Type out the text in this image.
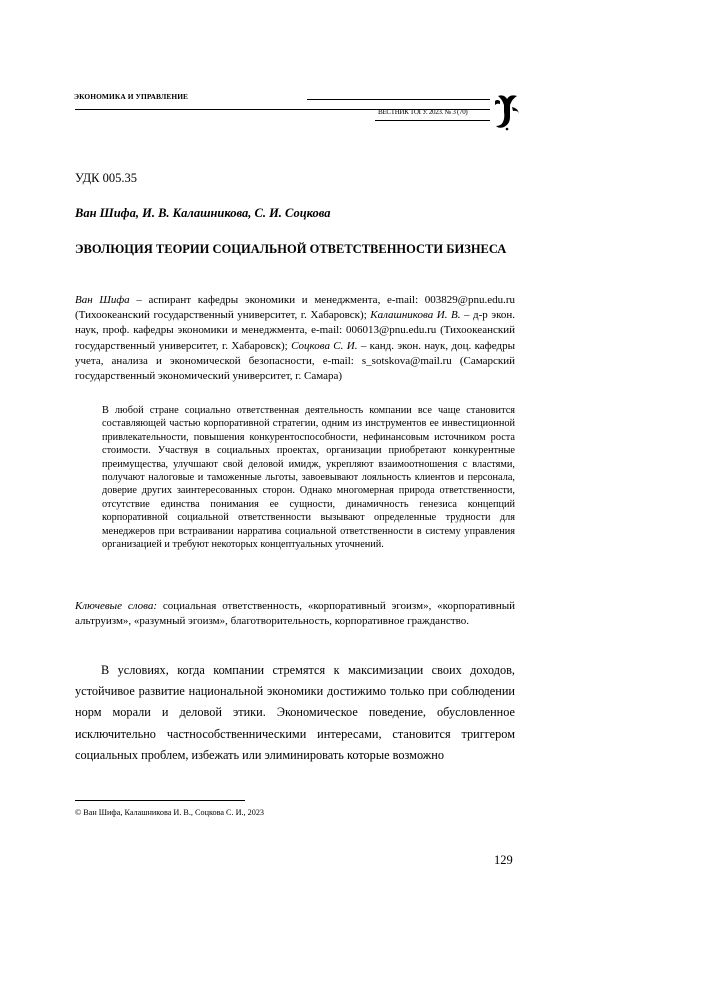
ЭКОНОМИКА И УПРАВЛЕНИЕ
ВЕСТНИК ТОГУ. 2023. № 3 (70)
УДК 005.35
Ван Шифа, И. В. Калашникова, С. И. Соцкова
ЭВОЛЮЦИЯ ТЕОРИИ СОЦИАЛЬНОЙ ОТВЕТСТВЕННОСТИ БИЗНЕСА
Ван Шифа – аспирант кафедры экономики и менеджмента, e-mail: 003829@pnu.edu.ru (Тихоокеанский государственный университет, г. Хабаровск); Калашникова И. В. – д-р экон. наук, проф. кафедры экономики и менеджмента, e-mail: 006013@pnu.edu.ru (Тихоокеанский государственный университет, г. Хабаровск); Соцкова С. И. – канд. экон. наук, доц. кафедры учета, анализа и экономической безопасности, e-mail: s_sotskova@mail.ru (Самарский государственный экономический университет, г. Самара)
В любой стране социально ответственная деятельность компании все чаще становится составляющей частью корпоративной стратегии, одним из инструментов ее инвестиционной привлекательности, повышения конкурентоспособности, нефинансовым источником роста стоимости. Участвуя в социальных проектах, организации приобретают конкурентные преимущества, улучшают свой деловой имидж, укрепляют взаимоотношения с властями, получают налоговые и таможенные льготы, завоевывают лояльность клиентов и персонала, доверие других заинтересованных сторон. Однако многомерная природа ответственности, отсутствие единства понимания ее сущности, динамичность генезиса концепций корпоративной социальной ответственности вызывают определенные трудности для менеджеров при встраивании нарратива социальной ответственности в систему управления организацией и требуют некоторых концептуальных уточнений.
Ключевые слова: социальная ответственность, «корпоративный эгоизм», «корпоративный альтруизм», «разумный эгоизм», благотворительность, корпоративное гражданство.

В условиях, когда компании стремятся к максимизации своих доходов, устойчивое развитие национальной экономики достижимо только при соблюдении норм морали и деловой этики. Экономическое поведение, обусловленное исключительно частнособственническими интересами, становится триггером социальных проблем, избежать или элиминировать которые возможно

© Ван Шифа, Калашникова И. В., Соцкова С. И., 2023
129
